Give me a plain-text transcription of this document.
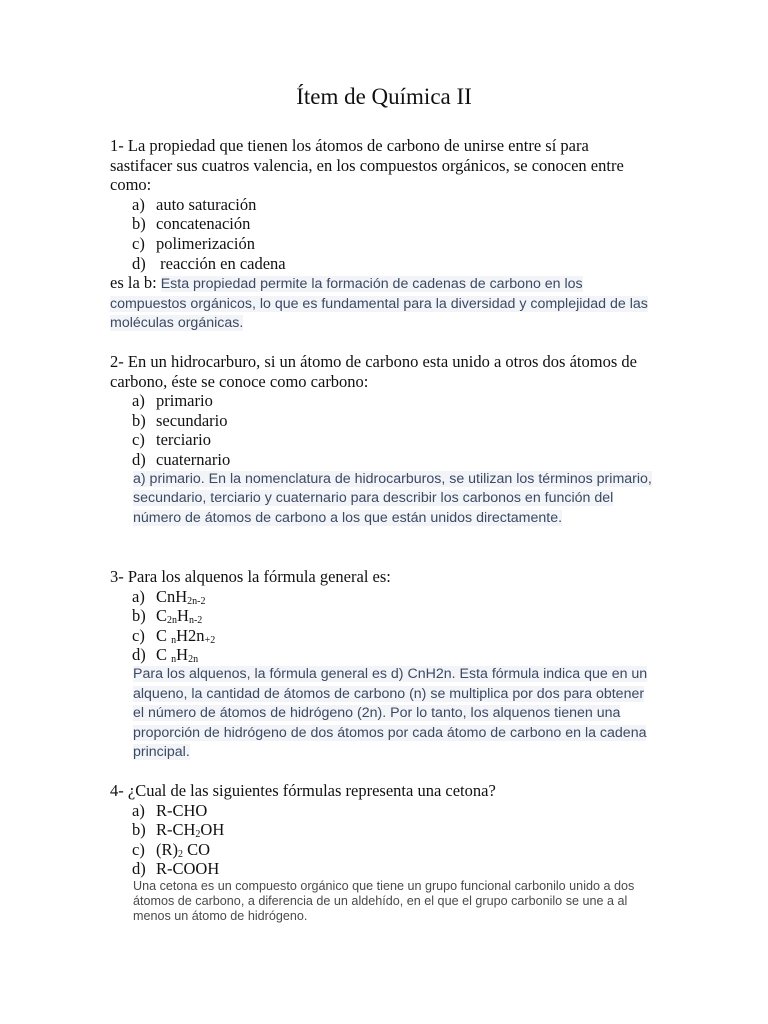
Ítem de Química II

1- La propiedad que tienen los átomos de carbono de unirse entre sí para sastifacer sus cuatros valencia, en los compuestos orgánicos, se conocen entre como:

a) auto saturación
b) concatenación
c) polimerización
d) reacción en cadena

es la b: Esta propiedad permite la formación de cadenas de carbono en los compuestos orgánicos, lo que es fundamental para la diversidad y complejidad de las moléculas orgánicas.

2- En un hidrocarburo, si un átomo de carbono esta unido a otros dos átomos de carbono, éste se conoce como carbono:

a) primario
b) secundario
c) terciario
d) cuaternario

a) primario. En la nomenclatura de hidrocarburos, se utilizan los términos primario, secundario, terciario y cuaternario para describir los carbonos en función del número de átomos de carbono a los que están unidos directamente.

3- Para los alquenos la fórmula general es:

a) CnH$_{2n-2}$
b) $C_{2n}H_{n-2}$
c) C $_nH2n_{+2}$
d) C $_nH_{2n}$

Para los alquenos, la fórmula general es d) CnH2n. Esta fórmula indica que en un alqueno, la cantidad de átomos de carbono (n) se multiplica por dos para obtener el número de átomos de hidrógeno (2n). Por lo tanto, los alquenos tienen una proporción de hidrógeno de dos átomos por cada átomo de carbono en la cadena principal.

4- ¿Cual de las siguientes fórmulas representa una cetona?

a) R-CHO
b) $R-CH_2OH$
c) $(R)_2$ CO
d) R-COOH

Una cetona es un compuesto orgánico que tiene un grupo funcional carbonilo unido a dos átomos de carbono, a diferencia de un aldehído, en el que el grupo carbonilo se une a al menos un átomo de hidrógeno.
